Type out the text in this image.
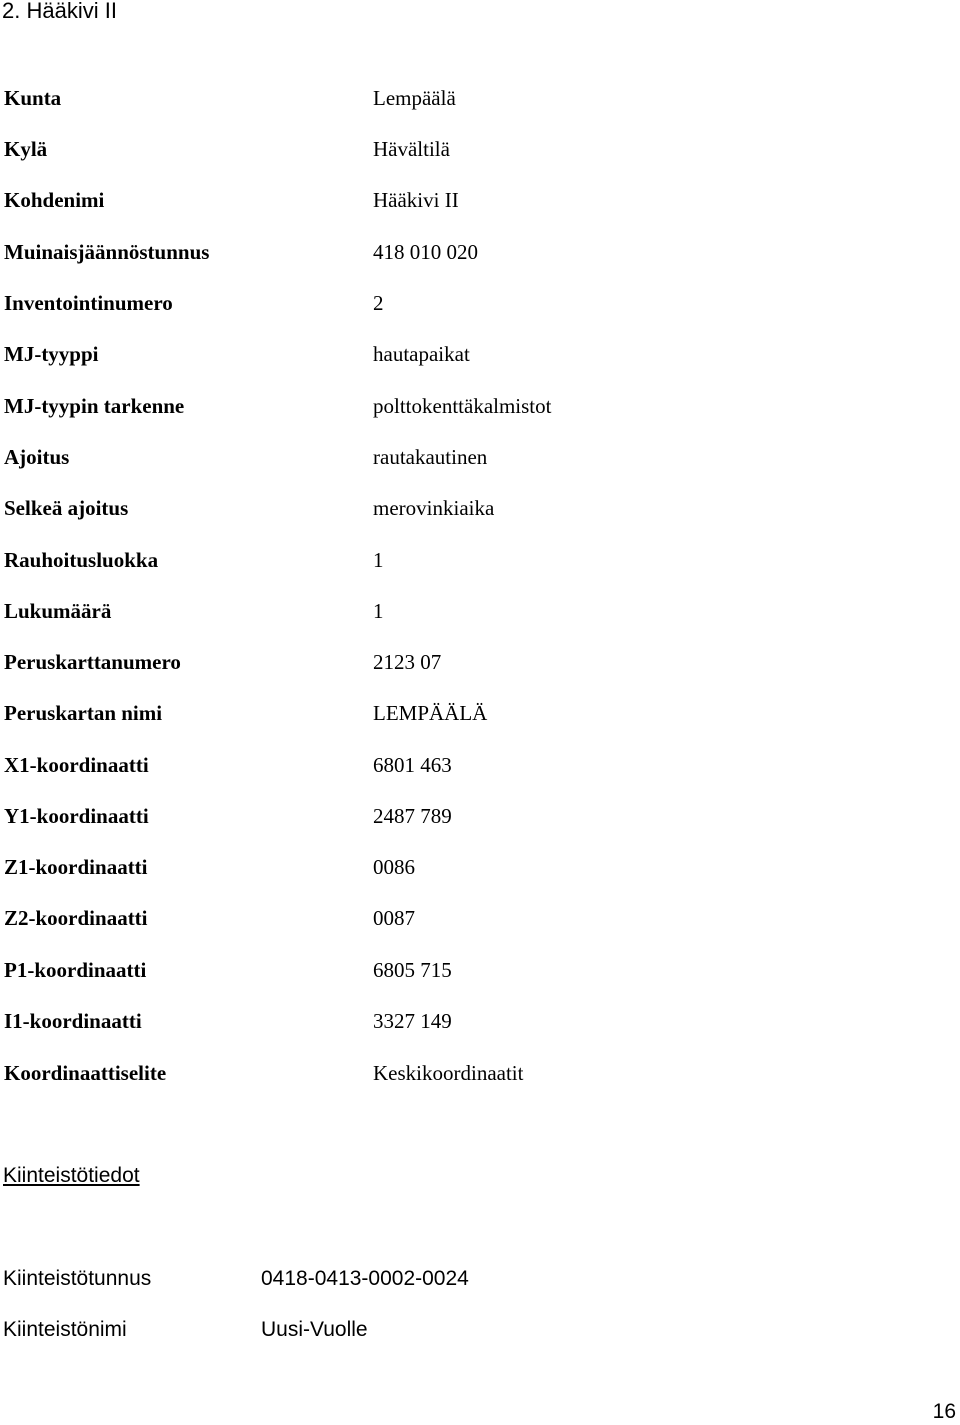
2. Hääkivi II
Kunta	Lempäälä
Kylä	Hävältilä
Kohdenimi	Hääkivi II
Muinaisjäännöstunnus	418 010 020
Inventointinumero	2
MJ-tyyppi	hautapaikat
MJ-tyypin tarkenne	polttokenttäkalmistot
Ajoitus	rautakautinen
Selkeä ajoitus	merovinkiaika
Rauhoitusluokka	1
Lukumäärä	1
Peruskarttanumero	2123 07
Peruskartan nimi	LEMPÄÄLÄ
X1-koordinaatti	6801 463
Y1-koordinaatti	2487 789
Z1-koordinaatti	0086
Z2-koordinaatti	0087
P1-koordinaatti	6805 715
I1-koordinaatti	3327 149
Koordinaattiselite	Keskikoordinaatit
Kiinteistötiedot
Kiinteistötunnus	0418-0413-0002-0024
Kiinteistönimi	Uusi-Vuolle
16
